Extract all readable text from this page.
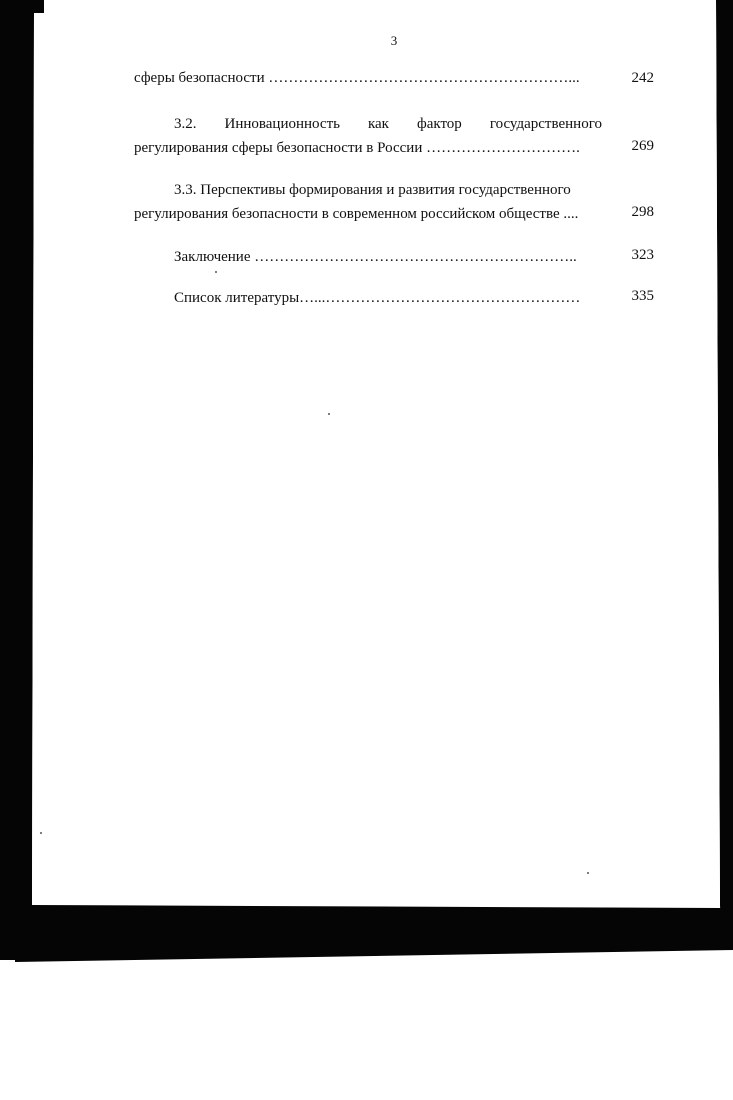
3
сферы безопасности ……………………………………………………...	242
3.2. Инновационность как фактор государственного
регулирования сферы безопасности в России ………………………….	269
3.3. Перспективы формирования и развития государственного
регулирования безопасности в современном российском обществе ....	298
Заключение ………………………………………………………..	323
Список литературы…...……………………………………………	335
